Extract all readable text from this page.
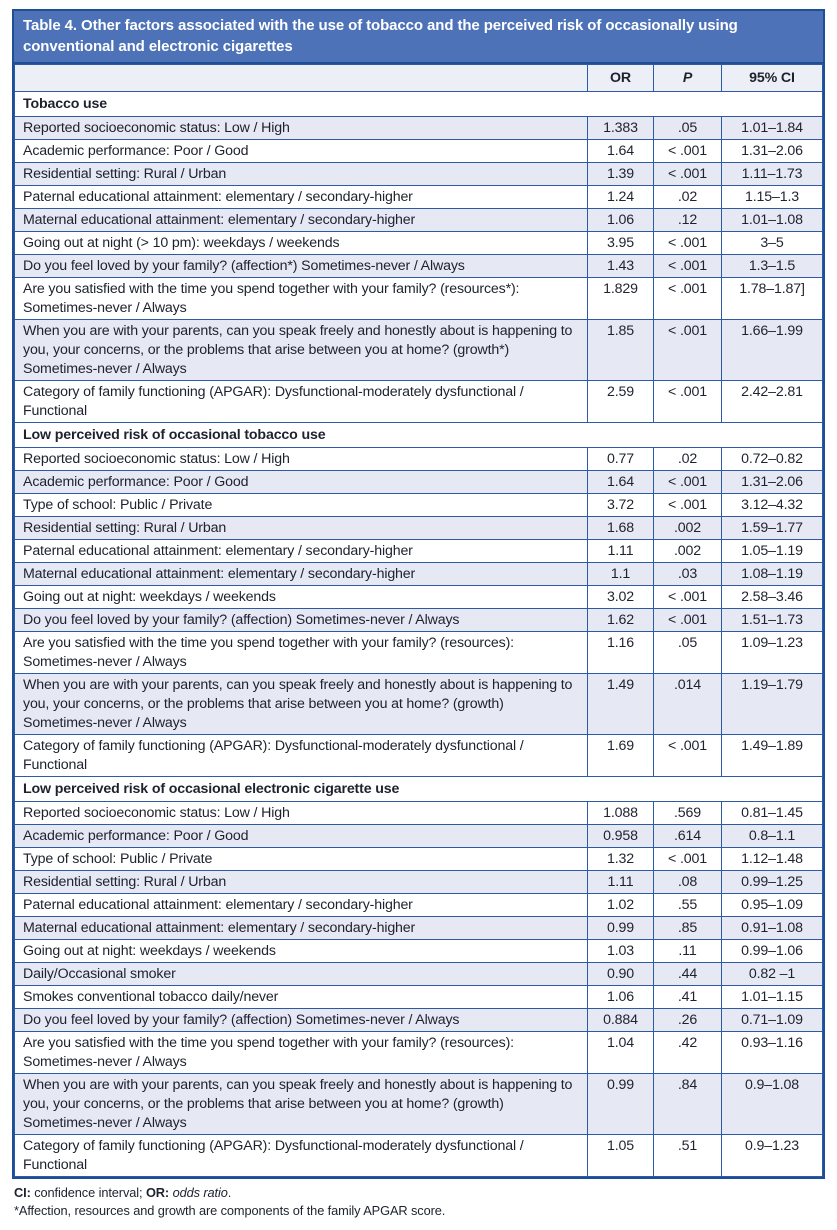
Table 4. Other factors associated with the use of tobacco and the perceived risk of occasionally using conventional and electronic cigarettes
	OR	P	95% CI
Tobacco use			
Reported socioeconomic status: Low / High	1.383	.05	1.01–1.84
Academic performance: Poor / Good	1.64	< .001	1.31–2.06
Residential setting: Rural / Urban	1.39	< .001	1.11–1.73
Paternal educational attainment: elementary / secondary-higher	1.24	.02	1.15–1.3
Maternal educational attainment: elementary / secondary-higher	1.06	.12	1.01–1.08
Going out at night (> 10 pm): weekdays / weekends	3.95	< .001	3–5
Do you feel loved by your family? (affection*) Sometimes-never / Always	1.43	< .001	1.3–1.5
Are you satisfied with the time you spend together with your family? (resources*): Sometimes-never / Always	1.829	< .001	1.78–1.87]
When you are with your parents, can you speak freely and honestly about is happening to you, your concerns, or the problems that arise between you at home? (growth*) Sometimes-never / Always	1.85	< .001	1.66–1.99
Category of family functioning (APGAR): Dysfunctional-moderately dysfunctional / Functional	2.59	< .001	2.42–2.81
Low perceived risk of occasional tobacco use			
Reported socioeconomic status: Low / High	0.77	.02	0.72–0.82
Academic performance: Poor / Good	1.64	< .001	1.31–2.06
Type of school: Public / Private	3.72	< .001	3.12–4.32
Residential setting: Rural / Urban	1.68	.002	1.59–1.77
Paternal educational attainment: elementary / secondary-higher	1.11	.002	1.05–1.19
Maternal educational attainment: elementary / secondary-higher	1.1	.03	1.08–1.19
Going out at night: weekdays / weekends	3.02	< .001	2.58–3.46
Do you feel loved by your family? (affection) Sometimes-never / Always	1.62	< .001	1.51–1.73
Are you satisfied with the time you spend together with your family? (resources): Sometimes-never / Always	1.16	.05	1.09–1.23
When you are with your parents, can you speak freely and honestly about is happening to you, your concerns, or the problems that arise between you at home? (growth) Sometimes-never / Always	1.49	.014	1.19–1.79
Category of family functioning (APGAR): Dysfunctional-moderately dysfunctional / Functional	1.69	< .001	1.49–1.89
Low perceived risk of occasional electronic cigarette use			
Reported socioeconomic status: Low / High	1.088	.569	0.81–1.45
Academic performance: Poor / Good	0.958	.614	0.8–1.1
Type of school: Public / Private	1.32	< .001	1.12–1.48
Residential setting: Rural / Urban	1.11	.08	0.99–1.25
Paternal educational attainment: elementary / secondary-higher	1.02	.55	0.95–1.09
Maternal educational attainment: elementary / secondary-higher	0.99	.85	0.91–1.08
Going out at night: weekdays / weekends	1.03	.11	0.99–1.06
Daily/Occasional smoker	0.90	.44	0.82 –1
Smokes conventional tobacco daily/never	1.06	.41	1.01–1.15
Do you feel loved by your family? (affection) Sometimes-never / Always	0.884	.26	0.71–1.09
Are you satisfied with the time you spend together with your family? (resources): Sometimes-never / Always	1.04	.42	0.93–1.16
When you are with your parents, can you speak freely and honestly about is happening to you, your concerns, or the problems that arise between you at home? (growth) Sometimes-never / Always	0.99	.84	0.9–1.08
Category of family functioning (APGAR): Dysfunctional-moderately dysfunctional / Functional	1.05	.51	0.9–1.23

CI: confidence interval; OR: odds ratio.

*Affection, resources and growth are components of the family APGAR score.
